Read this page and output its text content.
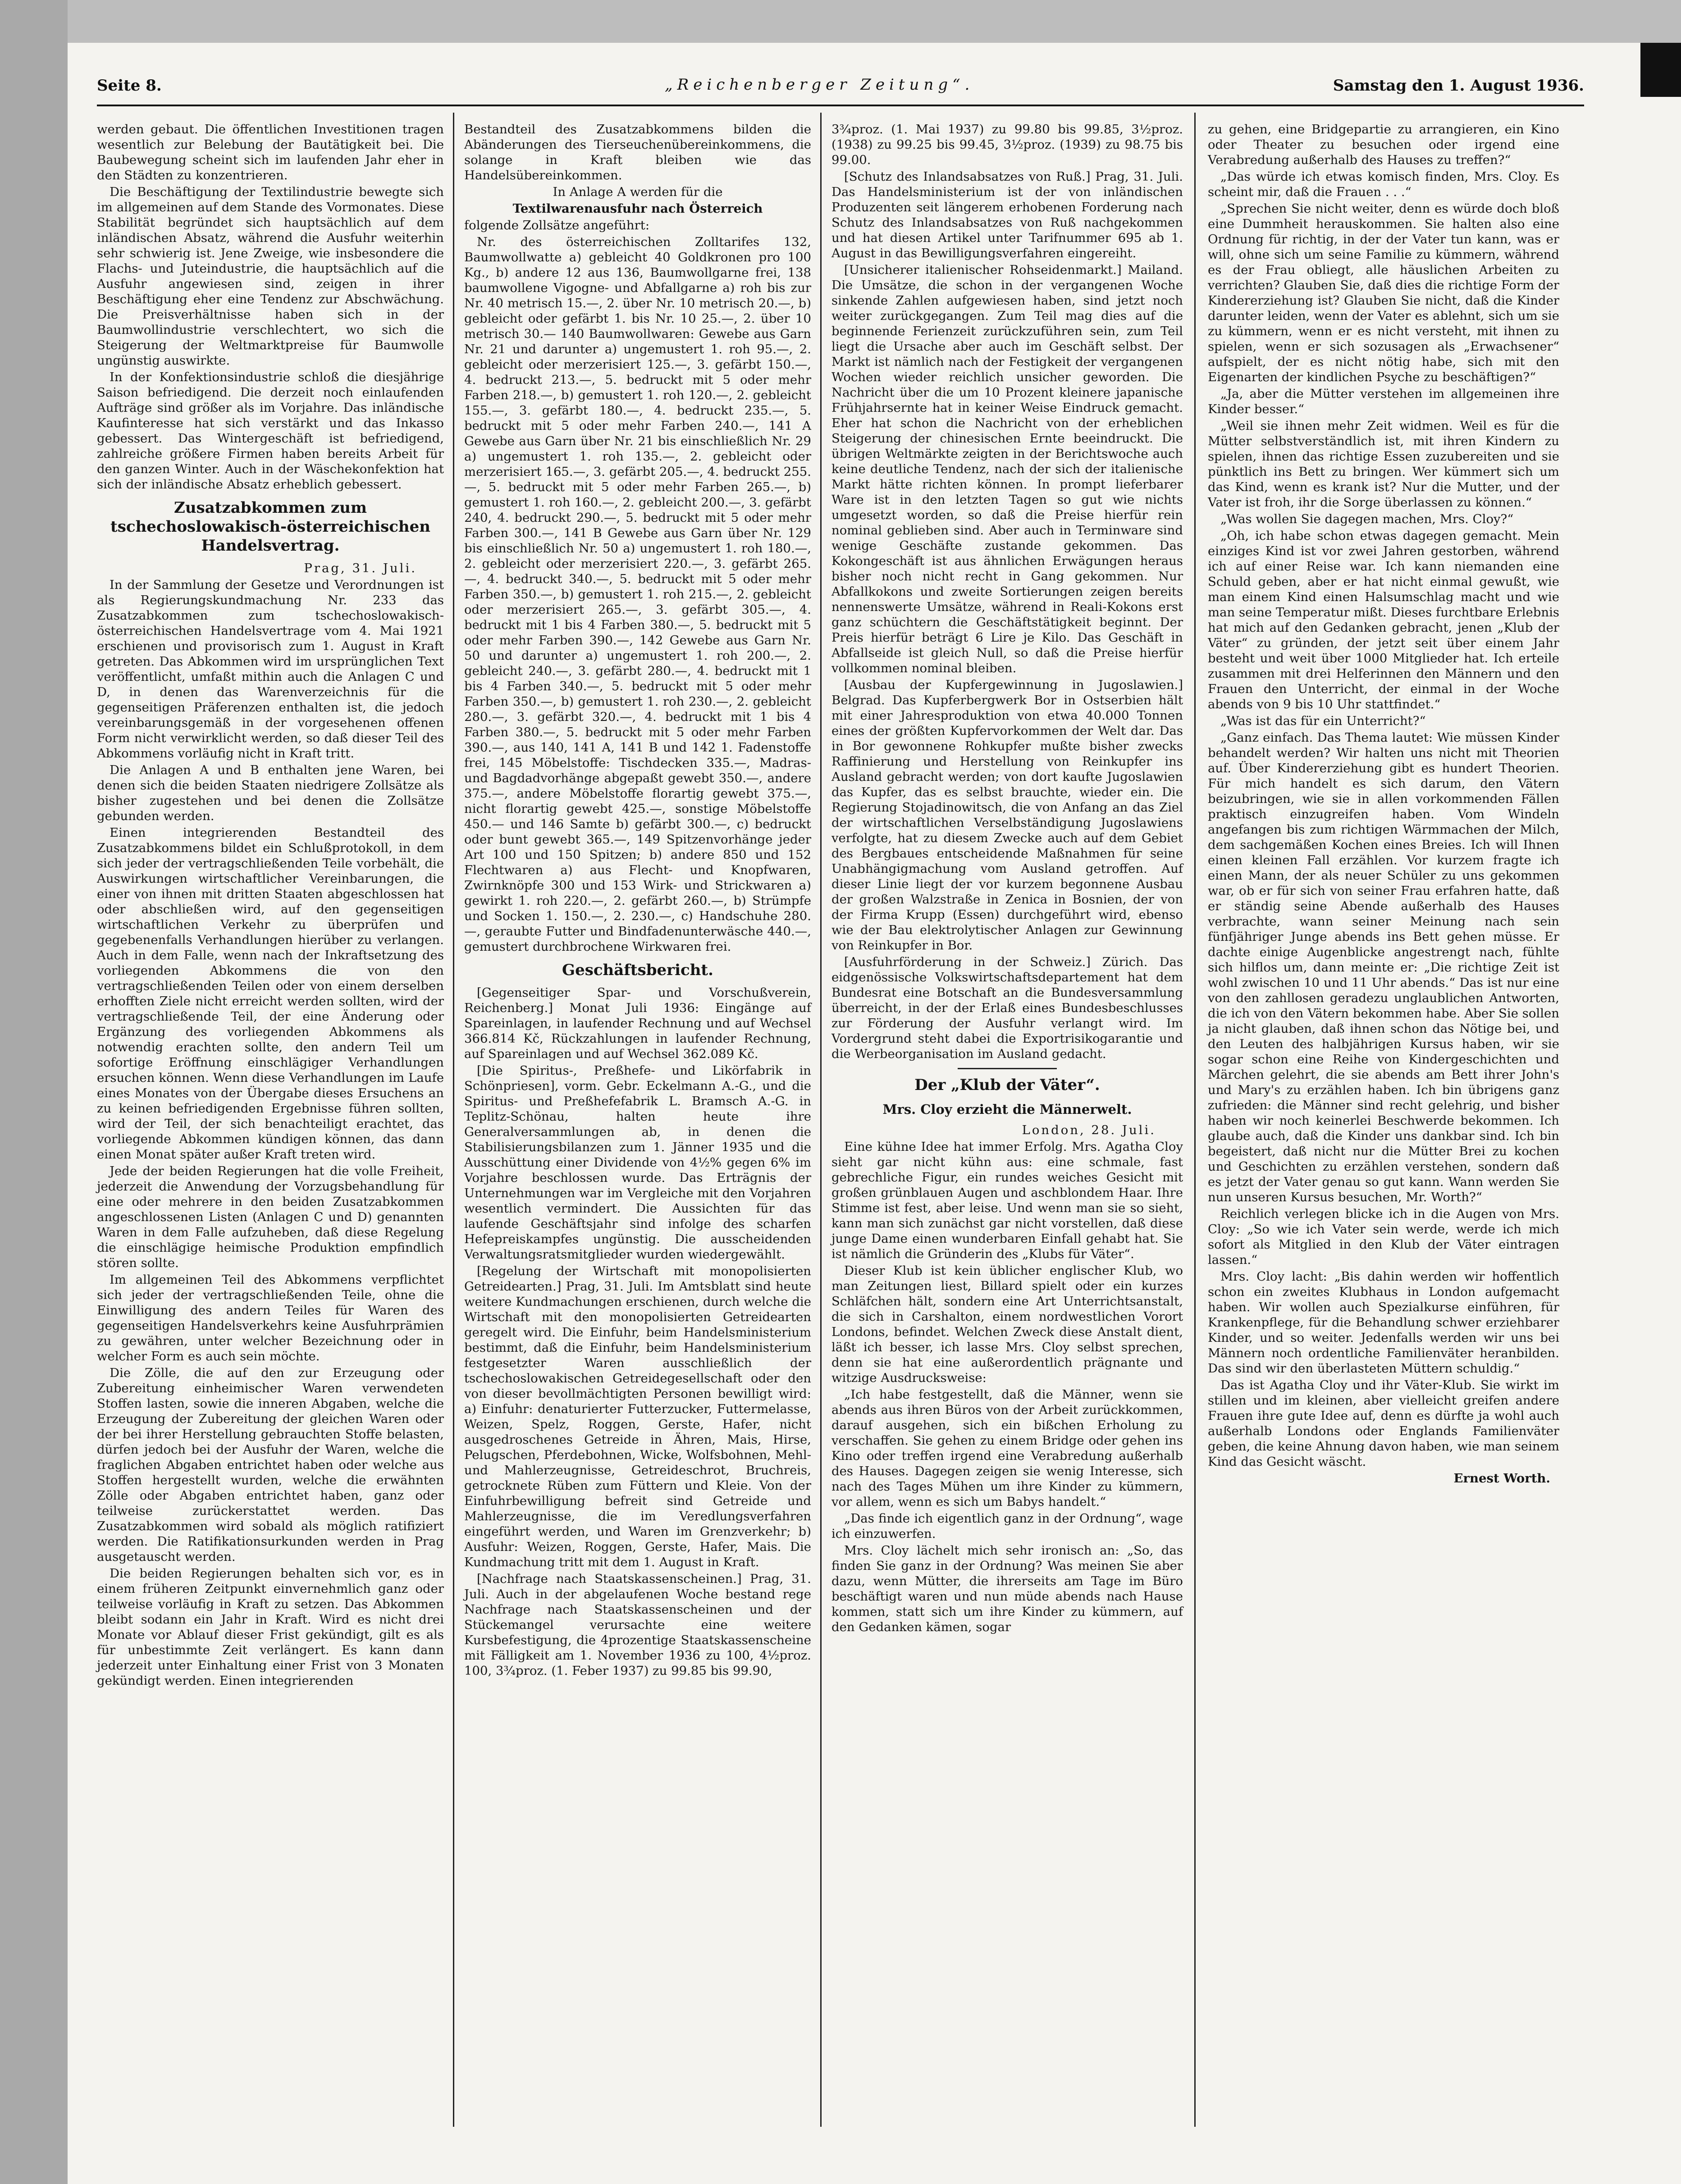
Seite 8.	„Reichenberger Zeitung“.	Samstag den 1. August 1936.

werden gebaut. Die öffentlichen Investitionen tragen wesentlich zur Belebung der Bautätigkeit bei. Die Baubewegung scheint sich im laufenden Jahr eher in den Städten zu konzentrieren.

Die Beschäftigung der Textilindustrie bewegte sich im allgemeinen auf dem Stande des Vormonates. Diese Stabilität begründet sich hauptsächlich auf dem inländischen Absatz, während die Ausfuhr weiterhin sehr schwierig ist. Jene Zweige, wie insbesondere die Flachs- und Juteindustrie, die hauptsächlich auf die Ausfuhr angewiesen sind, zeigen in ihrer Beschäftigung eher eine Tendenz zur Abschwächung. Die Preisverhältnisse haben sich in der Baumwollindustrie verschlechtert, wo sich die Steigerung der Weltmarktpreise für Baumwolle ungünstig auswirkte.

In der Konfektionsindustrie schloß die diesjährige Saison befriedigend. Die derzeit noch einlaufenden Aufträge sind größer als im Vorjahre. Das inländische Kaufinteresse hat sich verstärkt und das Inkasso gebessert. Das Wintergeschäft ist befriedigend, zahlreiche größere Firmen haben bereits Arbeit für den ganzen Winter. Auch in der Wäschekonfektion hat sich der inländische Absatz erheblich gebessert.

Zusatzabkommen zum tschechoslowakisch-österreichischen Handelsvertrag.

Prag, 31. Juli.

In der Sammlung der Gesetze und Verordnungen ist als Regierungskundmachung Nr. 233 das Zusatzabkommen zum tschechoslowakisch-österreichischen Handelsvertrage vom 4. Mai 1921 erschienen und provisorisch zum 1. August in Kraft getreten. Das Abkommen wird im ursprünglichen Text veröffentlicht, umfaßt mithin auch die Anlagen C und D, in denen das Warenverzeichnis für die gegenseitigen Präferenzen enthalten ist, die jedoch vereinbarungsgemäß in der vorgesehenen offenen Form nicht verwirklicht werden, so daß dieser Teil des Abkommens vorläufig nicht in Kraft tritt.

Die Anlagen A und B enthalten jene Waren, bei denen sich die beiden Staaten niedrigere Zollsätze als bisher zugestehen und bei denen die Zollsätze gebunden werden.

Einen integrierenden Bestandteil des Zusatzabkommens bildet ein Schlußprotokoll, in dem sich jeder der vertragschließenden Teile vorbehält, die Auswirkungen wirtschaftlicher Vereinbarungen, die einer von ihnen mit dritten Staaten abgeschlossen hat oder abschließen wird, auf den gegenseitigen wirtschaftlichen Verkehr zu überprüfen und gegebenenfalls Verhandlungen hierüber zu verlangen. Auch in dem Falle, wenn nach der Inkraftsetzung des vorliegenden Abkommens die von den vertragschließenden Teilen oder von einem derselben erhofften Ziele nicht erreicht werden sollten, wird der vertragschließende Teil, der eine Änderung oder Ergänzung des vorliegenden Abkommens als notwendig erachten sollte, den andern Teil um sofortige Eröffnung einschlägiger Verhandlungen ersuchen können. Wenn diese Verhandlungen im Laufe eines Monates von der Übergabe dieses Ersuchens an zu keinen befriedigenden Ergebnisse führen sollten, wird der Teil, der sich benachteiligt erachtet, das vorliegende Abkommen kündigen können, das dann einen Monat später außer Kraft treten wird.

Jede der beiden Regierungen hat die volle Freiheit, jederzeit die Anwendung der Vorzugsbehandlung für eine oder mehrere in den beiden Zusatzabkommen angeschlossenen Listen (Anlagen C und D) genannten Waren in dem Falle aufzuheben, daß diese Regelung die einschlägige heimische Produktion empfindlich stören sollte.

Im allgemeinen Teil des Abkommens verpflichtet sich jeder der vertragschließenden Teile, ohne die Einwilligung des andern Teiles für Waren des gegenseitigen Handelsverkehrs keine Ausfuhrprämien zu gewähren, unter welcher Bezeichnung oder in welcher Form es auch sein möchte.

Die Zölle, die auf den zur Erzeugung oder Zubereitung einheimischer Waren verwendeten Stoffen lasten, sowie die inneren Abgaben, welche die Erzeugung der Zubereitung der gleichen Waren oder der bei ihrer Herstellung gebrauchten Stoffe belasten, dürfen jedoch bei der Ausfuhr der Waren, welche die fraglichen Abgaben entrichtet haben oder welche aus Stoffen hergestellt wurden, welche die erwähnten Zölle oder Abgaben entrichtet haben, ganz oder teilweise zurückerstattet werden. Das Zusatzabkommen wird sobald als möglich ratifiziert werden. Die Ratifikationsurkunden werden in Prag ausgetauscht werden.

Die beiden Regierungen behalten sich vor, es in einem früheren Zeitpunkt einvernehmlich ganz oder teilweise vorläufig in Kraft zu setzen. Das Abkommen bleibt sodann ein Jahr in Kraft. Wird es nicht drei Monate vor Ablauf dieser Frist gekündigt, gilt es als für unbestimmte Zeit verlängert. Es kann dann jederzeit unter Einhaltung einer Frist von 3 Monaten gekündigt werden. Einen integrierenden

Bestandteil des Zusatzabkommens bilden die Abänderungen des Tierseuchenübereinkommens, die solange in Kraft bleiben wie das Handelsübereinkommen.

In Anlage A werden für die

Textilwarenausfuhr nach Österreich

folgende Zollsätze angeführt:

Nr. des österreichischen Zolltarifes 132, Baumwollwatte a) gebleicht 40 Goldkronen pro 100 Kg., b) andere 12 aus 136, Baumwollgarne frei, 138 baumwollene Vigogne- und Abfallgarne a) roh bis zur Nr. 40 metrisch 15.—, 2. über Nr. 10 metrisch 20.—, b) gebleicht oder gefärbt 1. bis Nr. 10 25.—, 2. über 10 metrisch 30.— 140 Baumwollwaren: Gewebe aus Garn Nr. 21 und darunter a) ungemustert 1. roh 95.—, 2. gebleicht oder merzerisiert 125.—, 3. gefärbt 150.—, 4. bedruckt 213.—, 5. bedruckt mit 5 oder mehr Farben 218.—, b) gemustert 1. roh 120.—, 2. gebleicht 155.—, 3. gefärbt 180.—, 4. bedruckt 235.—, 5. bedruckt mit 5 oder mehr Farben 240.—, 141 A Gewebe aus Garn über Nr. 21 bis einschließlich Nr. 29 a) ungemustert 1. roh 135.—, 2. gebleicht oder merzerisiert 165.—, 3. gefärbt 205.—, 4. bedruckt 255.—, 5. bedruckt mit 5 oder mehr Farben 265.—, b) gemustert 1. roh 160.—, 2. gebleicht 200.—, 3. gefärbt 240, 4. bedruckt 290.—, 5. bedruckt mit 5 oder mehr Farben 300.—, 141 B Gewebe aus Garn über Nr. 129 bis einschließlich Nr. 50 a) ungemustert 1. roh 180.—, 2. gebleicht oder merzerisiert 220.—, 3. gefärbt 265.—, 4. bedruckt 340.—, 5. bedruckt mit 5 oder mehr Farben 350.—, b) gemustert 1. roh 215.—, 2. gebleicht oder merzerisiert 265.—, 3. gefärbt 305.—, 4. bedruckt mit 1 bis 4 Farben 380.—, 5. bedruckt mit 5 oder mehr Farben 390.—, 142 Gewebe aus Garn Nr. 50 und darunter a) ungemustert 1. roh 200.—, 2. gebleicht 240.—, 3. gefärbt 280.—, 4. bedruckt mit 1 bis 4 Farben 340.—, 5. bedruckt mit 5 oder mehr Farben 350.—, b) gemustert 1. roh 230.—, 2. gebleicht 280.—, 3. gefärbt 320.—, 4. bedruckt mit 1 bis 4 Farben 380.—, 5. bedruckt mit 5 oder mehr Farben 390.—, aus 140, 141 A, 141 B und 142 1. Fadenstoffe frei, 145 Möbelstoffe: Tischdecken 335.—, Madras- und Bagdadvorhänge abgepaßt gewebt 350.—, andere 375.—, andere Möbelstoffe florartig gewebt 375.—, nicht florartig gewebt 425.—, sonstige Möbelstoffe 450.— und 146 Samte b) gefärbt 300.—, c) bedruckt oder bunt gewebt 365.—, 149 Spitzenvorhänge jeder Art 100 und 150 Spitzen; b) andere 850 und 152 Flechtwaren a) aus Flecht- und Knopfwaren, Zwirnknöpfe 300 und 153 Wirk- und Strickwaren a) gewirkt 1. roh 220.—, 2. gefärbt 260.—, b) Strümpfe und Socken 1. 150.—, 2. 230.—, c) Handschuhe 280.—, geraubte Futter und Bindfadenunterwäsche 440.—, gemustert durchbrochene Wirkwaren frei.

Geschäftsbericht.

[Gegenseitiger Spar- und Vorschußverein, Reichenberg.] Monat Juli 1936: Eingänge auf Spareinlagen, in laufender Rechnung und auf Wechsel 366.814 Kč, Rückzahlungen in laufender Rechnung, auf Spareinlagen und auf Wechsel 362.089 Kč.

[Die Spiritus-, Preßhefe- und Likörfabrik in Schönpriesen], vorm. Gebr. Eckelmann A.-G., und die Spiritus- und Preßhefefabrik L. Bramsch A.-G. in Teplitz-Schönau, halten heute ihre Generalversammlungen ab, in denen die Stabilisierungsbilanzen zum 1. Jänner 1935 und die Ausschüttung einer Dividende von 4½% gegen 6% im Vorjahre beschlossen wurde. Das Erträgnis der Unternehmungen war im Vergleiche mit den Vorjahren wesentlich vermindert. Die Aussichten für das laufende Geschäftsjahr sind infolge des scharfen Hefepreiskampfes ungünstig. Die ausscheidenden Verwaltungsratsmitglieder wurden wiedergewählt.

[Regelung der Wirtschaft mit monopolisierten Getreidearten.] Prag, 31. Juli. Im Amtsblatt sind heute weitere Kundmachungen erschienen, durch welche die Wirtschaft mit den monopolisierten Getreidearten geregelt wird. Die Einfuhr, beim Handelsministerium bestimmt, daß die Einfuhr, beim Handelsministerium festgesetzter Waren ausschließlich der tschechoslowakischen Getreidegesellschaft oder den von dieser bevollmächtigten Personen bewilligt wird: a) Einfuhr: denaturierter Futterzucker, Futtermelasse, Weizen, Spelz, Roggen, Gerste, Hafer, nicht ausgedroschenes Getreide in Ähren, Mais, Hirse, Pelugschen, Pferdebohnen, Wicke, Wolfsbohnen, Mehl- und Mahlerzeugnisse, Getreideschrot, Bruchreis, getrocknete Rüben zum Füttern und Kleie. Von der Einfuhrbewilligung befreit sind Getreide und Mahlerzeugnisse, die im Veredlungsverfahren eingeführt werden, und Waren im Grenzverkehr; b) Ausfuhr: Weizen, Roggen, Gerste, Hafer, Mais. Die Kundmachung tritt mit dem 1. August in Kraft.

[Nachfrage nach Staatskassenscheinen.] Prag, 31. Juli. Auch in der abgelaufenen Woche bestand rege Nachfrage nach Staatskassenscheinen und der Stückemangel verursachte eine weitere Kursbefestigung, die 4prozentige Staatskassenscheine mit Fälligkeit am 1. November 1936 zu 100, 4½proz. 100, 3¾proz. (1. Feber 1937) zu 99.85 bis 99.90,

3¾proz. (1. Mai 1937) zu 99.80 bis 99.85, 3½proz. (1938) zu 99.25 bis 99.45, 3½proz. (1939) zu 98.75 bis 99.00.

[Schutz des Inlandsabsatzes von Ruß.] Prag, 31. Juli. Das Handelsministerium ist der von inländischen Produzenten seit längerem erhobenen Forderung nach Schutz des Inlandsabsatzes von Ruß nachgekommen und hat diesen Artikel unter Tarifnummer 695 ab 1. August in das Bewilligungsverfahren eingereiht.

[Unsicherer italienischer Rohseidenmarkt.] Mailand. Die Umsätze, die schon in der vergangenen Woche sinkende Zahlen aufgewiesen haben, sind jetzt noch weiter zurückgegangen. Zum Teil mag dies auf die beginnende Ferienzeit zurückzuführen sein, zum Teil liegt die Ursache aber auch im Geschäft selbst. Der Markt ist nämlich nach der Festigkeit der vergangenen Wochen wieder reichlich unsicher geworden. Die Nachricht über die um 10 Prozent kleinere japanische Frühjahrsernte hat in keiner Weise Eindruck gemacht. Eher hat schon die Nachricht von der erheblichen Steigerung der chinesischen Ernte beeindruckt. Die übrigen Weltmärkte zeigten in der Berichtswoche auch keine deutliche Tendenz, nach der sich der italienische Markt hätte richten können. In prompt lieferbarer Ware ist in den letzten Tagen so gut wie nichts umgesetzt worden, so daß die Preise hierfür rein nominal geblieben sind. Aber auch in Terminware sind wenige Geschäfte zustande gekommen. Das Kokongeschäft ist aus ähnlichen Erwägungen heraus bisher noch nicht recht in Gang gekommen. Nur Abfallkokons und zweite Sortierungen zeigen bereits nennenswerte Umsätze, während in Reali-Kokons erst ganz schüchtern die Geschäftstätigkeit beginnt. Der Preis hierfür beträgt 6 Lire je Kilo. Das Geschäft in Abfallseide ist gleich Null, so daß die Preise hierfür vollkommen nominal bleiben.

[Ausbau der Kupfergewinnung in Jugoslawien.] Belgrad. Das Kupferbergwerk Bor in Ostserbien hält mit einer Jahresproduktion von etwa 40.000 Tonnen eines der größten Kupfervorkommen der Welt dar. Das in Bor gewonnene Rohkupfer mußte bisher zwecks Raffinierung und Herstellung von Reinkupfer ins Ausland gebracht werden; von dort kaufte Jugoslawien das Kupfer, das es selbst brauchte, wieder ein. Die Regierung Stojadinowitsch, die von Anfang an das Ziel der wirtschaftlichen Verselbständigung Jugoslawiens verfolgte, hat zu diesem Zwecke auch auf dem Gebiet des Bergbaues entscheidende Maßnahmen für seine Unabhängigmachung vom Ausland getroffen. Auf dieser Linie liegt der vor kurzem begonnene Ausbau der großen Walzstraße in Zenica in Bosnien, der von der Firma Krupp (Essen) durchgeführt wird, ebenso wie der Bau elektrolytischer Anlagen zur Gewinnung von Reinkupfer in Bor.

[Ausfuhrförderung in der Schweiz.] Zürich. Das eidgenössische Volkswirtschaftsdepartement hat dem Bundesrat eine Botschaft an die Bundesversammlung überreicht, in der der Erlaß eines Bundesbeschlusses zur Förderung der Ausfuhr verlangt wird. Im Vordergrund steht dabei die Exportrisikogarantie und die Werbeorganisation im Ausland gedacht.

Der „Klub der Väter“.
Mrs. Cloy erzieht die Männerwelt.

London, 28. Juli.

Eine kühne Idee hat immer Erfolg. Mrs. Agatha Cloy sieht gar nicht kühn aus: eine schmale, fast gebrechliche Figur, ein rundes weiches Gesicht mit großen grünblauen Augen und aschblondem Haar. Ihre Stimme ist fest, aber leise. Und wenn man sie so sieht, kann man sich zunächst gar nicht vorstellen, daß diese junge Dame einen wunderbaren Einfall gehabt hat. Sie ist nämlich die Gründerin des „Klubs für Väter“.

Dieser Klub ist kein üblicher englischer Klub, wo man Zeitungen liest, Billard spielt oder ein kurzes Schläfchen hält, sondern eine Art Unterrichtsanstalt, die sich in Carshalton, einem nordwestlichen Vorort Londons, befindet. Welchen Zweck diese Anstalt dient, läßt ich besser, ich lasse Mrs. Cloy selbst sprechen, denn sie hat eine außerordentlich prägnante und witzige Ausdrucksweise:

„Ich habe festgestellt, daß die Männer, wenn sie abends aus ihren Büros von der Arbeit zurückkommen, darauf ausgehen, sich ein bißchen Erholung zu verschaffen. Sie gehen zu einem Bridge oder gehen ins Kino oder treffen irgend eine Verabredung außerhalb des Hauses. Dagegen zeigen sie wenig Interesse, sich nach des Tages Mühen um ihre Kinder zu kümmern, vor allem, wenn es sich um Babys handelt.“

„Das finde ich eigentlich ganz in der Ordnung“, wage ich einzuwerfen.

Mrs. Cloy lächelt mich sehr ironisch an: „So, das finden Sie ganz in der Ordnung? Was meinen Sie aber dazu, wenn Mütter, die ihrerseits am Tage im Büro beschäftigt waren und nun müde abends nach Hause kommen, statt sich um ihre Kinder zu kümmern, auf den Gedanken kämen, sogar

zu gehen, eine Bridgepartie zu arrangieren, ein Kino oder Theater zu besuchen oder irgend eine Verabredung außerhalb des Hauses zu treffen?“

„Das würde ich etwas komisch finden, Mrs. Cloy. Es scheint mir, daß die Frauen . . .“

„Sprechen Sie nicht weiter, denn es würde doch bloß eine Dummheit herauskommen. Sie halten also eine Ordnung für richtig, in der der Vater tun kann, was er will, ohne sich um seine Familie zu kümmern, während es der Frau obliegt, alle häuslichen Arbeiten zu verrichten? Glauben Sie, daß dies die richtige Form der Kindererziehung ist? Glauben Sie nicht, daß die Kinder darunter leiden, wenn der Vater es ablehnt, sich um sie zu kümmern, wenn er es nicht versteht, mit ihnen zu spielen, wenn er sich sozusagen als „Erwachsener“ aufspielt, der es nicht nötig habe, sich mit den Eigenarten der kindlichen Psyche zu beschäftigen?“

„Ja, aber die Mütter verstehen im allgemeinen ihre Kinder besser.“

„Weil sie ihnen mehr Zeit widmen. Weil es für die Mütter selbstverständlich ist, mit ihren Kindern zu spielen, ihnen das richtige Essen zuzubereiten und sie pünktlich ins Bett zu bringen. Wer kümmert sich um das Kind, wenn es krank ist? Nur die Mutter, und der Vater ist froh, ihr die Sorge überlassen zu können.“

„Was wollen Sie dagegen machen, Mrs. Cloy?“

„Oh, ich habe schon etwas dagegen gemacht. Mein einziges Kind ist vor zwei Jahren gestorben, während ich auf einer Reise war. Ich kann niemanden eine Schuld geben, aber er hat nicht einmal gewußt, wie man einem Kind einen Halsumschlag macht und wie man seine Temperatur mißt. Dieses furchtbare Erlebnis hat mich auf den Gedanken gebracht, jenen „Klub der Väter“ zu gründen, der jetzt seit über einem Jahr besteht und weit über 1000 Mitglieder hat. Ich erteile zusammen mit drei Helferinnen den Männern und den Frauen den Unterricht, der einmal in der Woche abends von 9 bis 10 Uhr stattfindet.“

„Was ist das für ein Unterricht?“

„Ganz einfach. Das Thema lautet: Wie müssen Kinder behandelt werden? Wir halten uns nicht mit Theorien auf. Über Kindererziehung gibt es hundert Theorien. Für mich handelt es sich darum, den Vätern beizubringen, wie sie in allen vorkommenden Fällen praktisch einzugreifen haben. Vom Windeln angefangen bis zum richtigen Wärmmachen der Milch, dem sachgemäßen Kochen eines Breies. Ich will Ihnen einen kleinen Fall erzählen. Vor kurzem fragte ich einen Mann, der als neuer Schüler zu uns gekommen war, ob er für sich von seiner Frau erfahren hatte, daß er ständig seine Abende außerhalb des Hauses verbrachte, wann seiner Meinung nach sein fünfjähriger Junge abends ins Bett gehen müsse. Er dachte einige Augenblicke angestrengt nach, fühlte sich hilflos um, dann meinte er: „Die richtige Zeit ist wohl zwischen 10 und 11 Uhr abends.“ Das ist nur eine von den zahllosen geradezu unglaublichen Antworten, die ich von den Vätern bekommen habe. Aber Sie sollen ja nicht glauben, daß ihnen schon das Nötige bei, und den Leuten des halbjährigen Kursus haben, wir sie sogar schon eine Reihe von Kindergeschichten und Märchen gelehrt, die sie abends am Bett ihrer John's und Mary's zu erzählen haben. Ich bin übrigens ganz zufrieden: die Männer sind recht gelehrig, und bisher haben wir noch keinerlei Beschwerde bekommen. Ich glaube auch, daß die Kinder uns dankbar sind. Ich bin begeistert, daß nicht nur die Mütter Brei zu kochen und Geschichten zu erzählen verstehen, sondern daß es jetzt der Vater genau so gut kann. Wann werden Sie nun unseren Kursus besuchen, Mr. Worth?“

Reichlich verlegen blicke ich in die Augen von Mrs. Cloy: „So wie ich Vater sein werde, werde ich mich sofort als Mitglied in den Klub der Väter eintragen lassen.“

Mrs. Cloy lacht: „Bis dahin werden wir hoffentlich schon ein zweites Klubhaus in London aufgemacht haben. Wir wollen auch Spezialkurse einführen, für Krankenpflege, für die Behandlung schwer erziehbarer Kinder, und so weiter. Jedenfalls werden wir uns bei Männern noch ordentliche Familienväter heranbilden. Das sind wir den überlasteten Müttern schuldig.“

Das ist Agatha Cloy und ihr Väter-Klub. Sie wirkt im stillen und im kleinen, aber vielleicht greifen andere Frauen ihre gute Idee auf, denn es dürfte ja wohl auch außerhalb Londons oder Englands Familienväter geben, die keine Ahnung davon haben, wie man seinem Kind das Gesicht wäscht.

Ernest Worth.
